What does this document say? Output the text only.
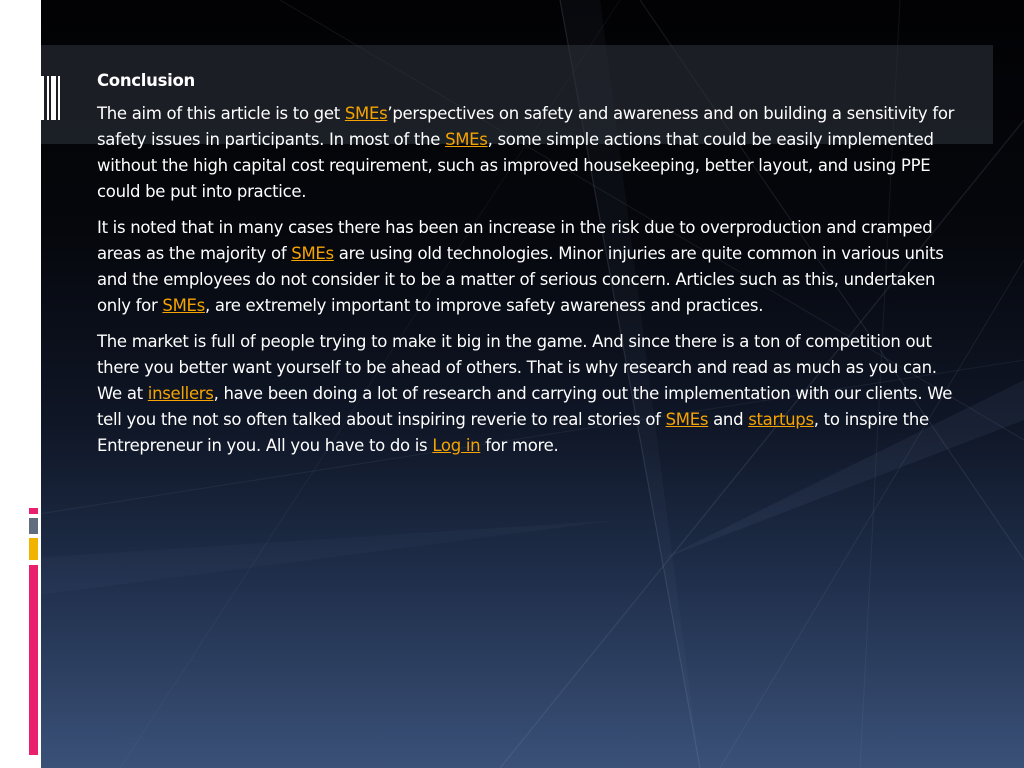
Conclusion

The aim of this article is to get SMEs’perspectives on safety and awareness and on building a sensitivity for safety issues in participants. In most of the SMEs, some simple actions that could be easily implemented without the high capital cost requirement, such as improved housekeeping, better layout, and using PPE could be put into practice.

It is noted that in many cases there has been an increase in the risk due to overproduction and cramped areas as the majority of SMEs are using old technologies. Minor injuries are quite common in various units and the employees do not consider it to be a matter of serious concern. Articles such as this, undertaken only for SMEs, are extremely important to improve safety awareness and practices.

The market is full of people trying to make it big in the game. And since there is a ton of competition out there you better want yourself to be ahead of others. That is why research and read as much as you can. We at insellers, have been doing a lot of research and carrying out the implementation with our clients. We tell you the not so often talked about inspiring reverie to real stories of SMEs and startups, to inspire the Entrepreneur in you. All you have to do is Log in for more.
